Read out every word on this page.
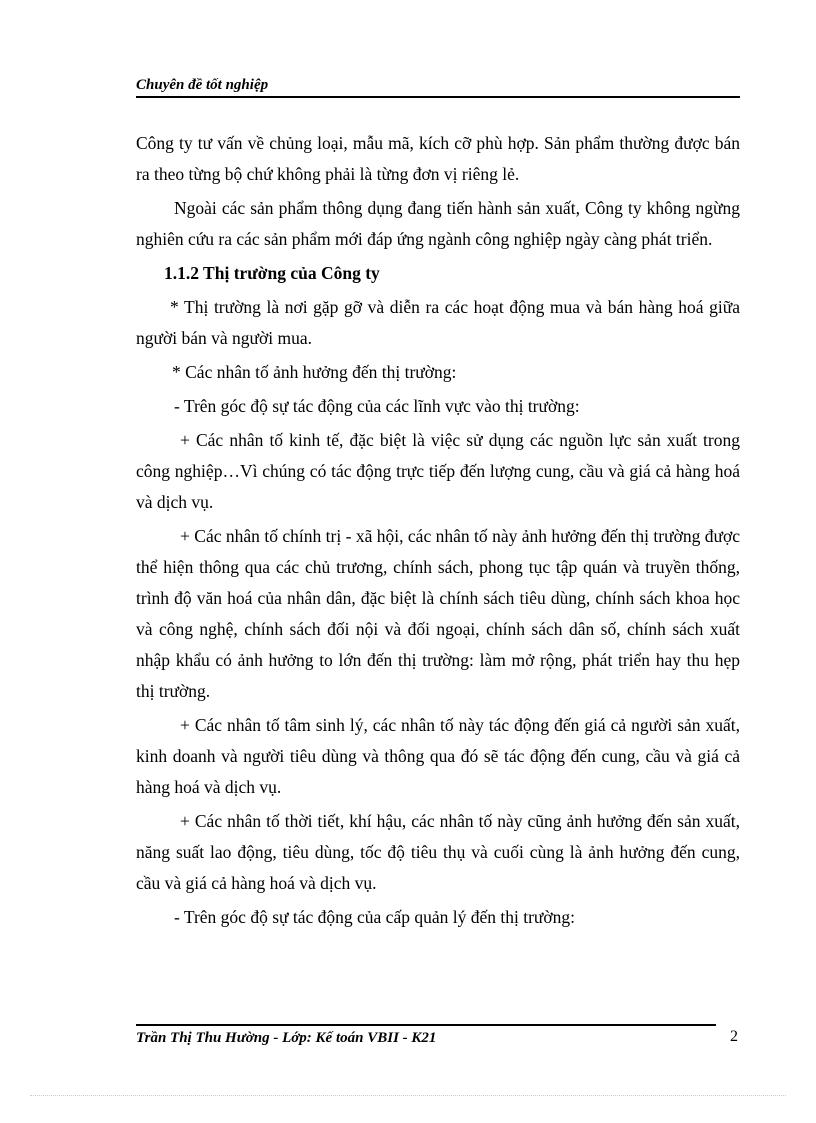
Chuyên đề tốt nghiệp

Công ty tư vấn về chủng loại, mẫu mã, kích cỡ phù hợp. Sản phẩm thường được bán ra theo từng bộ chứ không phải là từng đơn vị riêng lẻ.

Ngoài các sản phẩm thông dụng đang tiến hành sản xuất, Công ty không ngừng nghiên cứu ra các sản phẩm mới đáp ứng ngành công nghiệp ngày càng phát triển.

1.1.2 Thị trường của Công ty

* Thị trường là nơi gặp gỡ và diễn ra các hoạt động mua và bán hàng hoá giữa người bán và người mua.

* Các nhân tố ảnh hưởng đến thị trường:

- Trên góc độ sự tác động của các lĩnh vực vào thị trường:

+ Các nhân tố kinh tế, đặc biệt là việc sử dụng các nguồn lực sản xuất trong công nghiệp…Vì chúng có tác động trực tiếp đến lượng cung, cầu và giá cả hàng hoá và dịch vụ.

+ Các nhân tố chính trị - xã hội, các nhân tố này ảnh hưởng đến thị trường được thể hiện thông qua các chủ trương, chính sách, phong tục tập quán và truyền thống, trình độ văn hoá của nhân dân, đặc biệt là chính sách tiêu dùng, chính sách khoa học và công nghệ, chính sách đối nội và đối ngoại, chính sách dân số, chính sách xuất nhập khẩu có ảnh hưởng to lớn đến thị trường: làm mở rộng, phát triển hay thu hẹp thị trường.

+ Các nhân tố tâm sinh lý, các nhân tố này tác động đến giá cả người sản xuất, kinh doanh và người tiêu dùng và thông qua đó sẽ tác động đến cung, cầu và giá cả hàng hoá và dịch vụ.

+ Các nhân tố thời tiết, khí hậu, các nhân tố này cũng ảnh hưởng đến sản xuất, năng suất lao động, tiêu dùng, tốc độ tiêu thụ và cuối cùng là ảnh hưởng đến cung, cầu và giá cả hàng hoá và dịch vụ.

- Trên góc độ sự tác động của cấp quản lý đến thị trường:

Trần Thị Thu Hường - Lớp: Kế toán VBII - K21	2
